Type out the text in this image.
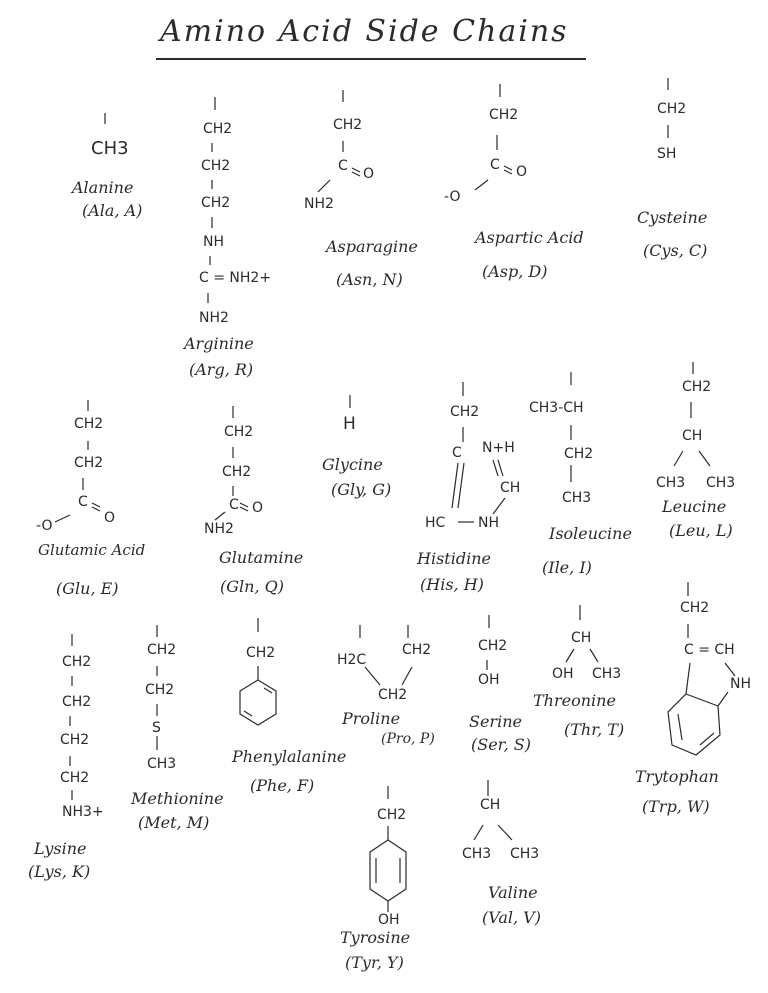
Amino Acid Side Chains
CH3
Alanine
(Ala, A)
CH2
CH2
CH2
NH
C = NH2+
NH2
Arginine
(Arg, R)
CH2
C O
NH2
Asparagine
(Asn, N)
CH2
C O
-O
Aspartic Acid
(Asp, D)
CH2
SH
Cysteine
(Cys, C)
CH2
CH2
C
O
-O
Glutamic Acid
(Glu, E)
CH2
CH2
C O
NH2
Glutamine
(Gln, Q)
H
Glycine
(Gly, G)
CH2
C N+H
CH
NH
HC
Histidine
(His, H)
CH3-CH
CH2
CH3
Isoleucine
(Ile, I)
CH2
CH
CH3 CH3
Leucine
(Leu, L)
CH2
CH2
CH2
CH2
NH3+
Lysine
(Lys, K)
CH2
CH2
S
CH3
Methionine
(Met, M)
CH2
Phenylalanine
(Phe, F)
H2C
CH2
CH2
Proline
(Pro, P)
CH2
OH
Serine
(Ser, S)
CH
OH CH3
Threonine
(Thr, T)
CH2
C = CH
NH
Trytophan
(Trp, W)
CH2
OH
Tyrosine
(Tyr, Y)
CH
CH3 CH3
Valine
(Val, V)
